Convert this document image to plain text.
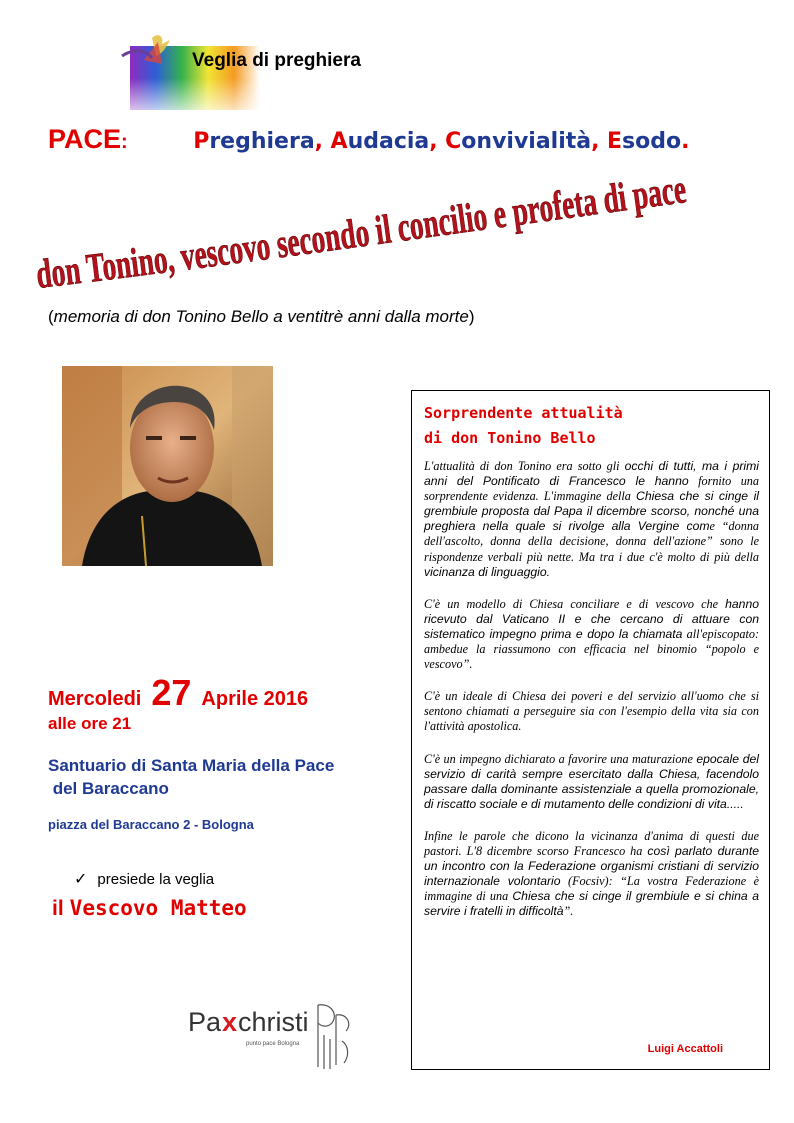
Veglia di preghiera
PACE:	Preghiera, Audacia, Convivialità, Esodo.
don Tonino, vescovo secondo il concilio e profeta di pace
(memoria di don Tonino Bello a ventitrè anni dalla morte)
Mercoledi 27 Aprile 2016
alle ore 21
Santuario di Santa Maria della Pace
del Baraccano
piazza del Baraccano 2 - Bologna
✓ presiede la veglia
il Vescovo Matteo
Pa x christi
punto pace Bologna
Sorprendente attualità
di don Tonino Bello

L'attualità di don Tonino era sotto gli occhi di tutti, ma i primi anni del Pontificato di Francesco le hanno fornito una sorprendente evidenza. L'immagine della Chiesa che si cinge il grembiule proposta dal Papa il dicembre scorso, nonché una preghiera nella quale si rivolge alla Vergine come “donna dell'ascolto, donna della decisione, donna dell'azione” sono le rispondenze verbali più nette. Ma tra i due c'è molto di più della vicinanza di linguaggio.

C'è un modello di Chiesa conciliare e di vescovo che hanno ricevuto dal Vaticano II e che cercano di attuare con sistematico impegno prima e dopo la chiamata all'episcopato: ambedue la riassumono con efficacia nel binomio “popolo e vescovo”.

C'è un ideale di Chiesa dei poveri e del servizio all'uomo che si sentono chiamati a perseguire sia con l'esempio della vita sia con l'attività apostolica.

C'è un impegno dichiarato a favorire una maturazione epocale del servizio di carità sempre esercitato dalla Chiesa, facendolo passare dalla dominante assistenziale a quella promozionale, di riscatto sociale e di mutamento delle condizioni di vita.....

Infine le parole che dicono la vicinanza d'anima di questi due pastori. L'8 dicembre scorso Francesco ha così parlato durante un incontro con la Federazione organismi cristiani di servizio internazionale volontario (Focsiv): “La vostra Federazione è immagine di una Chiesa che si cinge il grembiule e si china a servire i fratelli in difficoltà”.

Luigi Accattoli
